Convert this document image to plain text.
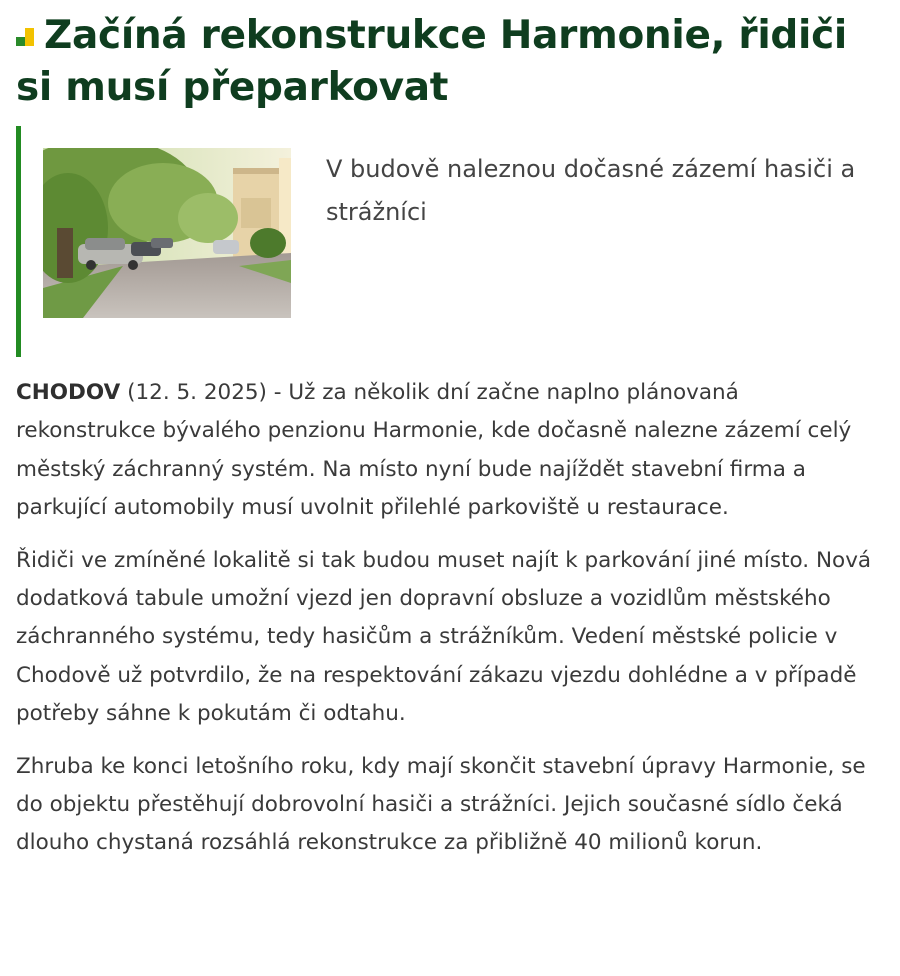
Začíná rekonstrukce Harmonie, řidiči si musí přeparkovat

V budově naleznou dočasné zázemí hasiči a strážníci

CHODOV (12. 5. 2025) - Už za několik dní začne naplno plánovaná rekonstrukce bývalého penzionu Harmonie, kde dočasně nalezne zázemí celý městský záchranný systém. Na místo nyní bude najíždět stavební firma a parkující automobily musí uvolnit přilehlé parkoviště u restaurace.

Řidiči ve zmíněné lokalitě si tak budou muset najít k parkování jiné místo. Nová dodatková tabule umožní vjezd jen dopravní obsluze a vozidlům městského záchranného systému, tedy hasičům a strážníkům. Vedení městské policie v Chodově už potvrdilo, že na respektování zákazu vjezdu dohlédne a v případě potřeby sáhne k pokutám či odtahu.

Zhruba ke konci letošního roku, kdy mají skončit stavební úpravy Harmonie, se do objektu přestěhují dobrovolní hasiči a strážníci. Jejich současné sídlo čeká dlouho chystaná rozsáhlá rekonstrukce za přibližně 40 milionů korun.
